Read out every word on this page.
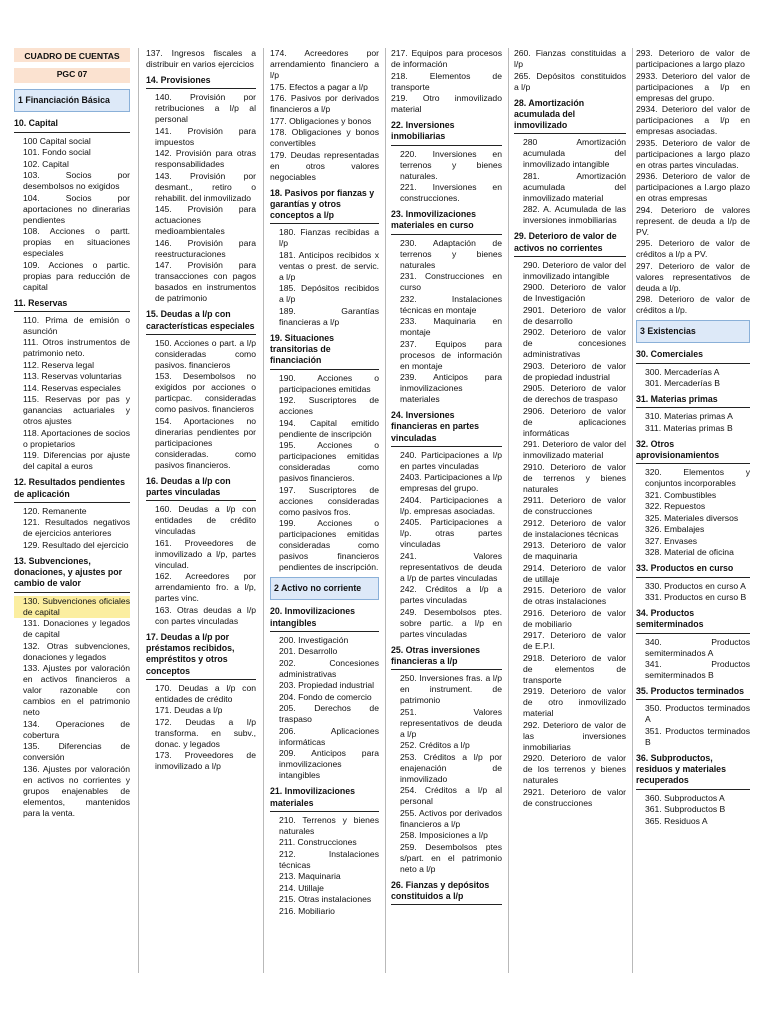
CUADRO DE CUENTAS

PGC 07

1 Financiación Básica

10. Capital

100 Capital social

101. Fondo social

102. Capital

103. Socios por desembolsos no exigidos

104. Socios por aportaciones no dinerarias pendientes

108. Acciones o partt. propias en situaciones especiales

109. Acciones o partic. propias para reducción de capital

11. Reservas

110. Prima de emisión o asunción

111. Otros instrumentos de patrimonio neto.

112. Reserva legal

113. Reservas voluntarias

114. Reservas especiales

115. Reservas por pas y ganancias actuariales y otros ajustes

118. Aportaciones de socios o propietarios

119. Diferencias por ajuste del capital a euros

12. Resultados pendientes de aplicación

120. Remanente

121. Resultados negativos de ejercicios anteriores

129. Resultado del ejercicio

13. Subvenciones, donaciones, y ajustes por cambio de valor

130. Subvenciones oficiales de capital

131. Donaciones y legados de capital

132. Otras subvenciones, donaciones y legados

133. Ajustes por valoración en activos financieros a valor razonable con cambios en el patrimonio neto

134. Operaciones de cobertura

135. Diferencias de conversión

136. Ajustes por valoración en activos no corrientes y grupos enajenables de elementos, mantenidos para la venta.

137. Ingresos fiscales a distribuir en varios ejercicios

14. Provisiones

140. Provisión por retribuciones a l/p al personal

141. Provisión para impuestos

142. Provisión para otras responsabilidades

143. Provisión por desmant., retiro o rehabilit. del inmovilizado

145. Provisión para actuaciones medioambientales

146. Provisión para reestructuraciones

147. Provisión para transacciones con pagos basados en instrumentos de patrimonio

15. Deudas a l/p con características especiales

150. Acciones o part. a l/p consideradas como pasivos. financieros

153. Desembolsos no exigidos por acciones o particpac. consideradas como pasivos. financieros

154. Aportaciones no dinerarias pendientes por participaciones consideradas. como pasivos financieros.

16. Deudas a l/p con partes vinculadas

160. Deudas a l/p con entidades de crédito vinculadas

161. Proveedores de inmovilizado a l/p, partes vinculad.

162. Acreedores por arrendamiento fro. a l/p, partes vinc.

163. Otras deudas a l/p con partes vinculadas

17. Deudas a l/p por préstamos recibidos, empréstitos y otros conceptos

170. Deudas a l/p con entidades de crédito

171. Deudas a l/p

172. Deudas a l/p transforma. en subv., donac. y legados

173. Proveedores de inmovilizado a l/p

174. Acreedores por arrendamiento financiero a l/p

175. Efectos a pagar a l/p

176. Pasivos por derivados financieros a l/p

177. Obligaciones y bonos

178. Obligaciones y bonos convertibles

179. Deudas representadas en otros valores negociables

18. Pasivos por fianzas y garantías y otros conceptos a l/p

180. Fianzas recibidas a l/p

181. Anticipos recibidos x ventas o prest. de servic. a l/p

185. Depósitos recibidos a l/p

189. Garantías financieras a l/p

19. Situaciones transitorias de financiación

190. Acciones o participaciones emitidas

192. Suscriptores de acciones

194. Capital emitido pendiente de inscripción

195. Acciones o participaciones emitidas consideradas como pasivos financieros.

197. Suscriptores de acciones consideradas como pasivos fros.

199. Acciones o participaciones emitidas consideradas como pasivos financieros pendientes de inscripción.

2 Activo no corriente

20. Inmovilizaciones intangibles

200. Investigación

201. Desarrollo

202. Concesiones administrativas

203. Propiedad industrial

204. Fondo de comercio

205. Derechos de traspaso

206. Aplicaciones informáticas

209. Anticipos para inmovilizaciones intangibles

21. Inmovilizaciones materiales

210. Terrenos y bienes naturales

211. Construcciones

212. Instalaciones técnicas

213. Maquinaria

214. Utillaje

215. Otras instalaciones

216. Mobiliario

217. Equipos para procesos de información

218. Elementos de transporte

219. Otro inmovilizado material

22. Inversiones inmobiliarias

220. Inversiones en terrenos y bienes naturales.

221. Inversiones en construcciones.

23. Inmovilizaciones materiales en curso

230. Adaptación de terrenos y bienes naturales

231. Construcciones en curso

232. Instalaciones técnicas en montaje

233. Maquinaria en montaje

237. Equipos para procesos de información en montaje

239. Anticipos para inmovilizaciones materiales

24. Inversiones financieras en partes vinculadas

240. Participaciones a l/p en partes vinculadas

2403. Participaciones a l/p empresas del grupo.

2404. Participaciones a l/p. empresas asociadas.

2405. Participaciones a l/p. otras partes vinculadas

241. Valores representativos de deuda a l/p de partes vinculadas

242. Créditos a l/p a partes vinculadas

249. Desembolsos ptes. sobre partic. a l/p en partes vinculadas

25. Otras inversiones financieras a l/p

250. Inversiones fras. a l/p en instrument. de patrimonio

251. Valores representativos de deuda a l/p

252. Créditos a l/p

253. Créditos a l/p por enajenación de inmovilizado

254. Créditos a l/p al personal

255. Activos por derivados financieros a l/p

258. Imposiciones a l/p

259. Desembolsos ptes s/part. en el patrimonio neto a l/p

26. Fianzas y depósitos constituidos a l/p

260. Fianzas constituidas a l/p

265. Depósitos constituidos a l/p

28. Amortización acumulada del inmovilizado

280 Amortización acumulada del inmovilizado intangible

281. Amortización acumulada del inmovilizado material

282. A. Acumulada de las inversiones inmobiliarias

29. Deterioro de valor de activos no corrientes

290. Deterioro de valor del inmovilizado intangible

2900. Deterioro de valor de Investigación

2901. Deterioro de valor de desarrollo

2902. Deterioro de valor de concesiones administrativas

2903. Deterioro de valor de propiedad industrial

2905. Deterioro de valor de derechos de traspaso

2906. Deterioro de valor de aplicaciones informáticas

291. Deterioro de valor del inmovilizado material

2910. Deterioro de valor de terrenos y bienes naturales

2911. Deterioro de valor de construcciones

2912. Deterioro de valor de instalaciones técnicas

2913. Deterioro de valor de maquinaria

2914. Deterioro de valor de utillaje

2915. Deterioro de valor de otras instalaciones

2916. Deterioro de valor de mobiliario

2917. Deterioro de valor de E.P.I.

2918. Deterioro de valor de elementos de transporte

2919. Deterioro de valor de otro inmovilizado material

292. Deterioro de valor de las inversiones inmobiliarias

2920. Deterioro de valor de los terrenos y bienes naturales

2921. Deterioro de valor de construcciones

293. Deterioro de valor de participaciones a largo plazo

2933. Deterioro del valor de participaciones a l/p en empresas del grupo.

2934. Deterioro del valor de participaciones a l/p en empresas asociadas.

2935. Deterioro de valor de participaciones a largo plazo en otras partes vinculadas.

2936. Deterioro de valor de participaciones a l.argo plazo en otras empresas

294. Deterioro de valores represent. de deuda a l/p de PV.

295. Deterioro de valor de créditos a l/p a PV.

297. Deterioro de valor de valores representativos de deuda a l/p.

298. Deterioro de valor de créditos a l/p.

3 Existencias

30. Comerciales

300. Mercaderías A

301. Mercaderías B

31. Materias primas

310. Materias primas A

311. Materias primas B

32. Otros aprovisionamientos

320. Elementos y conjuntos incorporables

321. Combustibles

322. Repuestos

325. Materiales diversos

326. Embalajes

327. Envases

328. Material de oficina

33. Productos en curso

330. Productos en curso A

331. Productos en curso B

34. Productos semiterminados

340. Productos semiterminados A

341. Productos semiterminados B

35. Productos terminados

350. Productos terminados A

351. Productos terminados B

36. Subproductos, residuos y materiales recuperados

360. Subproductos A

361. Subproductos B

365. Residuos A
